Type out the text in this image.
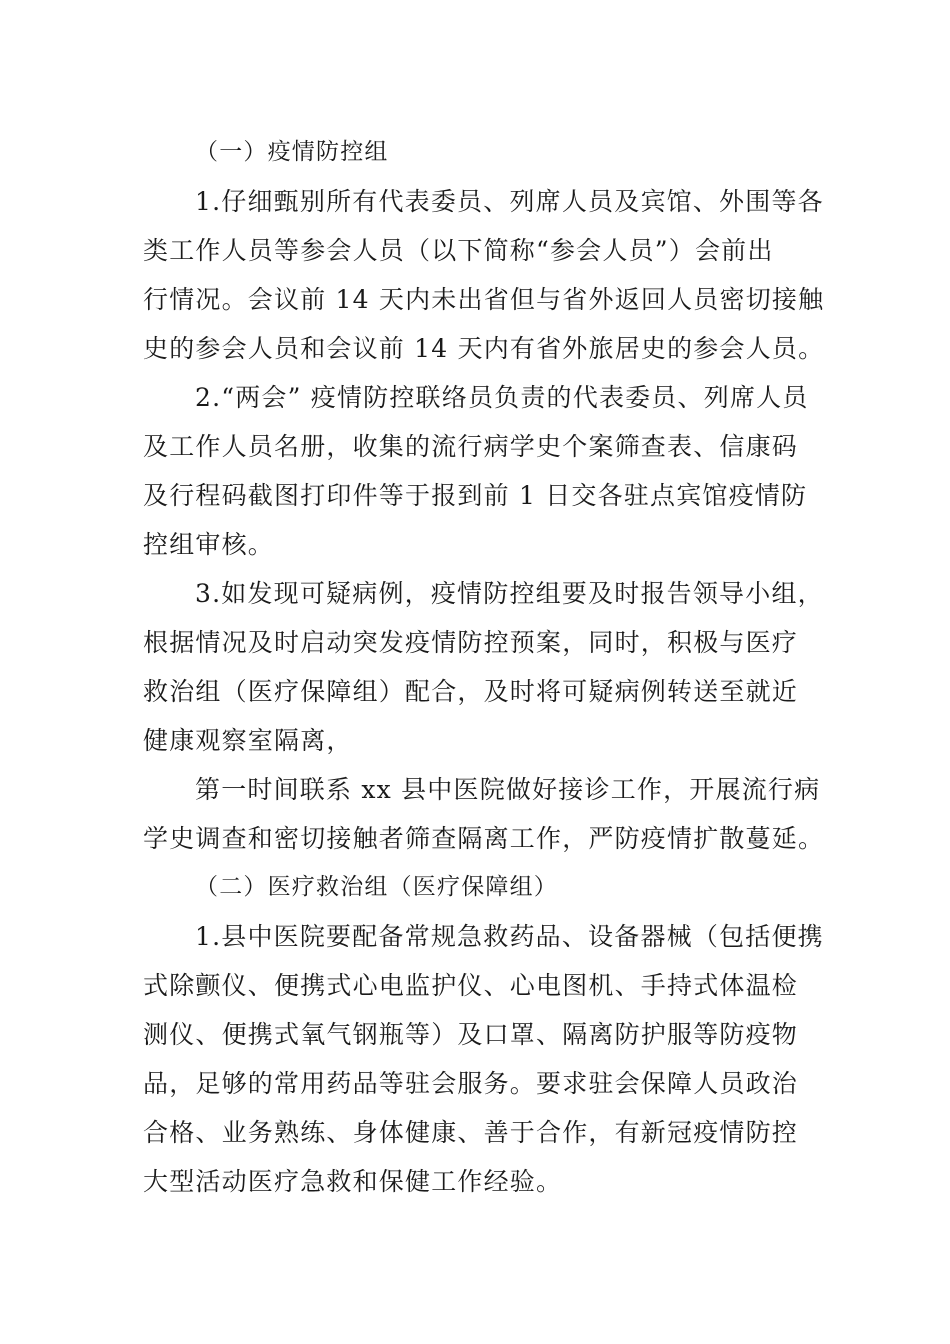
（一）疫情防控组
1.仔细甄别所有代表委员、列席人员及宾馆、外围等各
类工作人员等参会人员（以下简称“参会人员”）会前出
行情况。会议前 14 天内未出省但与省外返回人员密切接触
史的参会人员和会议前 14 天内有省外旅居史的参会人员。
2.“两会” 疫情防控联络员负责的代表委员、列席人员
及工作人员名册，收集的流行病学史个案筛查表、信康码
及行程码截图打印件等于报到前 1 日交各驻点宾馆疫情防
控组审核。
3.如发现可疑病例，疫情防控组要及时报告领导小组，
根据情况及时启动突发疫情防控预案，同时，积极与医疗
救治组（医疗保障组）配合，及时将可疑病例转送至就近
健康观察室隔离，
第一时间联系 xx 县中医院做好接诊工作，开展流行病
学史调查和密切接触者筛查隔离工作，严防疫情扩散蔓延。
（二）医疗救治组（医疗保障组）
1.县中医院要配备常规急救药品、设备器械（包括便携
式除颤仪、便携式心电监护仪、心电图机、手持式体温检
测仪、便携式氧气钢瓶等）及口罩、隔离防护服等防疫物
品，足够的常用药品等驻会服务。要求驻会保障人员政治
合格、业务熟练、身体健康、善于合作，有新冠疫情防控
大型活动医疗急救和保健工作经验。
